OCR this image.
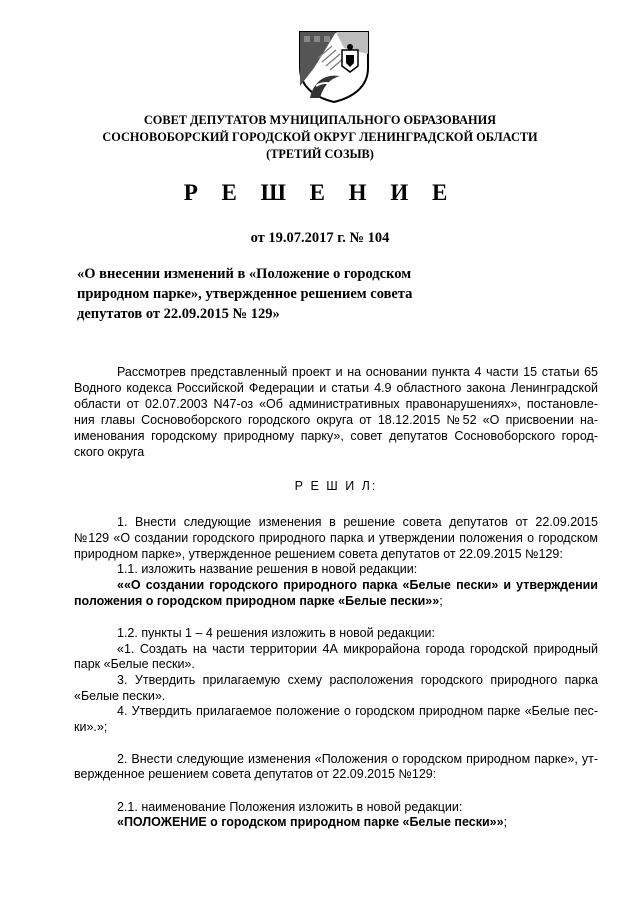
СОВЕТ ДЕПУТАТОВ МУНИЦИПАЛЬНОГО ОБРАЗОВАНИЯ
СОСНОВОБОРСКИЙ ГОРОДСКОЙ ОКРУГ ЛЕНИНГРАДСКОЙ ОБЛАСТИ
(ТРЕТИЙ СОЗЫВ)
Р Е Ш Е Н И Е
от 19.07.2017 г. № 104
«О внесении изменений в «Положение о городском
природном парке», утвержденное решением совета
депутатов от 22.09.2015 № 129»
Рассмотрев представленный проект и на основании пункта 4 части 15 статьи 65
Водного кодекса Российской Федерации и статьи 4.9 областного закона Ленинградской
области от 02.07.2003 N47-оз «Об административных правонарушениях», постановле-
ния главы Сосновоборского городского округа от 18.12.2015 №52 «О присвоении на-
именования городскому природному парку», совет депутатов Сосновоборского город-
ского округа
Р Е Ш И Л:
1. Внести следующие изменения в решение совета депутатов от 22.09.2015
№129 «О создании городского природного парка и утверждении положения о городском
природном парке», утвержденное решением совета депутатов от 22.09.2015 №129:
1.1. изложить название решения в новой редакции:
««О создании городского природного парка «Белые пески» и утверждении
положения о городском природном парке «Белые пески»»;
1.2. пункты 1 – 4 решения изложить в новой редакции:
«1. Создать на части территории 4А микрорайона города городской природный
парк «Белые пески».
3. Утвердить прилагаемую схему расположения городского природного парка
«Белые пески».
4. Утвердить прилагаемое положение о городском природном парке «Белые пес-
ки».»;
2. Внести следующие изменения «Положения о городском природном парке», ут-
вержденное решением совета депутатов от 22.09.2015 №129:
2.1. наименование Положения изложить в новой редакции:
«ПОЛОЖЕНИЕ о городском природном парке «Белые пески»»;
